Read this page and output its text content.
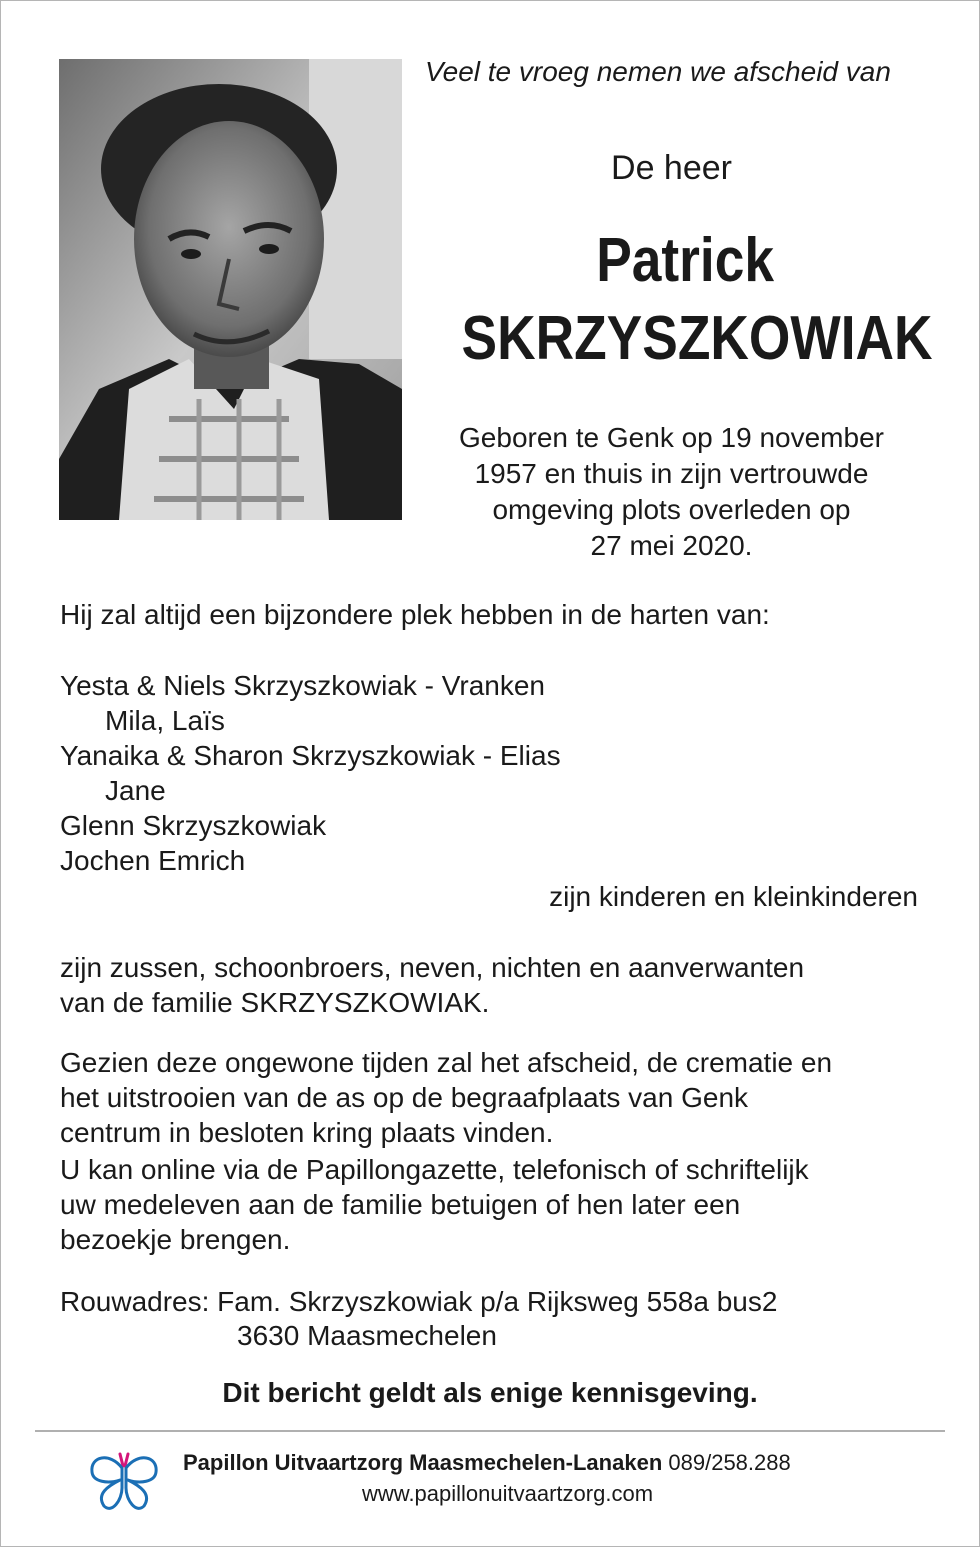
Veel te vroeg nemen we afscheid van
De heer
Patrick
SKRZYSZKOWIAK
Geboren te Genk op 19 november
1957 en thuis in zijn vertrouwde
omgeving plots overleden op
27 mei 2020.
Hij zal altijd een bijzondere plek hebben in de harten van:
Yesta & Niels Skrzyszkowiak - Vranken
Mila, Laïs
Yanaika & Sharon Skrzyszkowiak - Elias
Jane
Glenn Skrzyszkowiak
Jochen Emrich
zijn kinderen en kleinkinderen
zijn zussen, schoonbroers, neven, nichten en aanverwanten
van de familie SKRZYSZKOWIAK.
Gezien deze ongewone tijden zal het afscheid, de crematie en
het uitstrooien van de as op de begraafplaats van Genk
centrum in besloten kring plaats vinden.
U kan online via de Papillongazette, telefonisch of schriftelijk
uw medeleven aan de familie betuigen of hen later een
bezoekje brengen.
Rouwadres: Fam. Skrzyszkowiak p/a Rijksweg 558a bus2
3630 Maasmechelen
Dit bericht geldt als enige kennisgeving.
Papillon Uitvaartzorg Maasmechelen-Lanaken 089/258.288
www.papillonuitvaartzorg.com
